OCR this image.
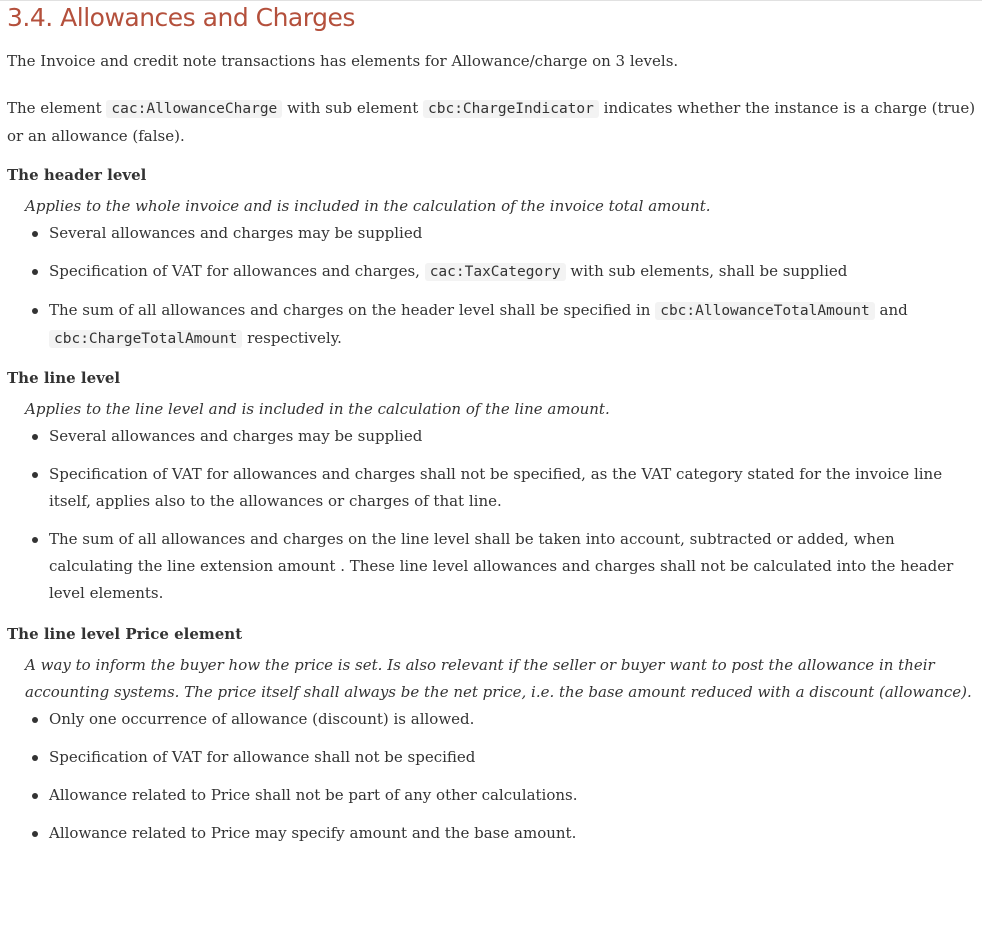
3.4. Allowances and Charges

The Invoice and credit note transactions has elements for Allowance/charge on 3 levels.

The element cac:AllowanceCharge with sub element cbc:ChargeIndicator indicates whether the instance is a charge (true) or an allowance (false).

The header level
Applies to the whole invoice and is included in the calculation of the invoice total amount.
Several allowances and charges may be supplied
Specification of VAT for allowances and charges, cac:TaxCategory with sub elements, shall be supplied
The sum of all allowances and charges on the header level shall be specified in cbc:AllowanceTotalAmount and
cbc:ChargeTotalAmount respectively.
The line level
Applies to the line level and is included in the calculation of the line amount.
Several allowances and charges may be supplied
Specification of VAT for allowances and charges shall not be specified, as the VAT category stated for the invoice line itself, applies also to the allowances or charges of that line.
The sum of all allowances and charges on the line level shall be taken into account, subtracted or added, when calculating the line extension amount . These line level allowances and charges shall not be calculated into the header level elements.
The line level Price element
A way to inform the buyer how the price is set. Is also relevant if the seller or buyer want to post the allowance in their accounting systems. The price itself shall always be the net price, i.e. the base amount reduced with a discount (allowance).
Only one occurrence of allowance (discount) is allowed.
Specification of VAT for allowance shall not be specified
Allowance related to Price shall not be part of any other calculations.
Allowance related to Price may specify amount and the base amount.
